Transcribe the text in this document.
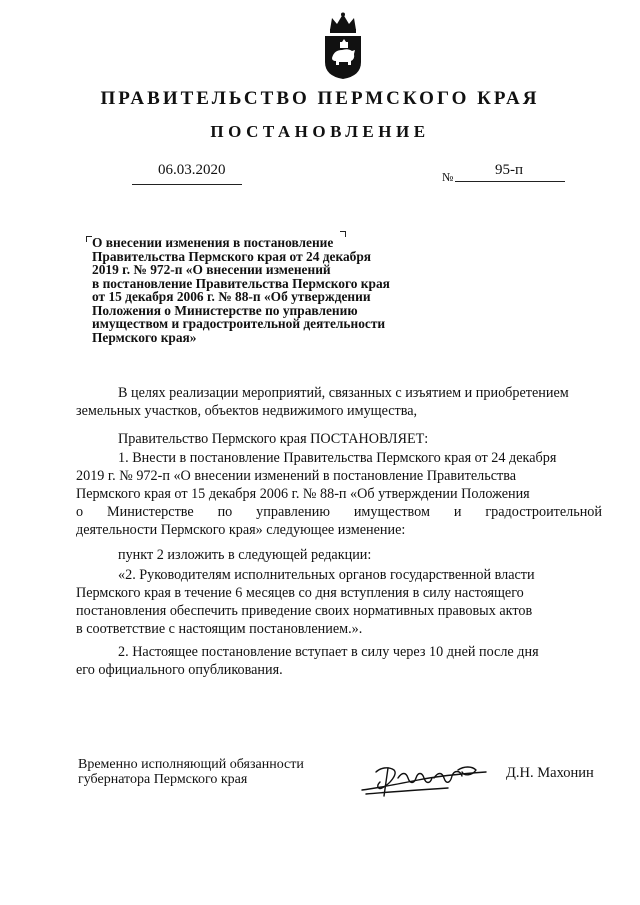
ПРАВИТЕЛЬСТВО ПЕРМСКОГО КРАЯ
ПОСТАНОВЛЕНИЕ
06.03.2020	№	95-п
О внесении изменения в постановление
Правительства Пермского края от 24 декабря
2019 г. № 972-п «О внесении изменений
в постановление Правительства Пермского края
от 15 декабря 2006 г. № 88-п «Об утверждении
Положения о Министерстве по управлению
имуществом и градостроительной деятельности
Пермского края»
В целях реализации мероприятий, связанных с изъятием и приобретением
земельных участков, объектов недвижимого имущества,
Правительство Пермского края ПОСТАНОВЛЯЕТ:
1. Внести в постановление Правительства Пермского края от 24 декабря
2019 г. № 972-п «О внесении изменений в постановление Правительства
Пермского края от 15 декабря 2006 г. № 88-п «Об утверждении Положения
о Министерстве по управлению имуществом и градостроительной
деятельности Пермского края» следующее изменение:
пункт 2 изложить в следующей редакции:
«2. Руководителям исполнительных органов государственной власти
Пермского края в течение 6 месяцев со дня вступления в силу настоящего
постановления обеспечить приведение своих нормативных правовых актов
в соответствие с настоящим постановлением.».
2. Настоящее постановление вступает в силу через 10 дней после дня
его официального опубликования.
Временно исполняющий обязанности
губернатора Пермского края	Д.Н. Махонин
